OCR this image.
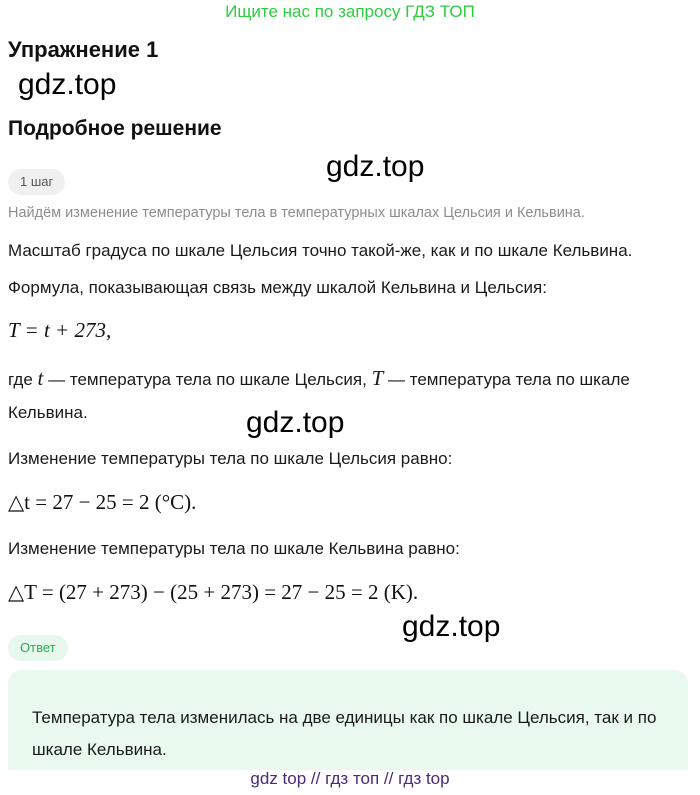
Ищите нас по запросу ГДЗ ТОП
Упражнение 1
gdz.top
Подробное решение
gdz.top
1 шаг
Найдём изменение температуры тела в температурных шкалах Цельсия и Кельвина.
Масштаб градуса по шкале Цельсия точно такой-же, как и по шкале Кельвина.
Формула, показывающая связь между шкалой Кельвина и Цельсия:
T = t + 273,
где t — температура тела по шкале Цельсия, T — температура тела по шкале
Кельвина.	gdz.top
Изменение температуры тела по шкале Цельсия равно:
△t = 27 − 25 = 2 (°C).
Изменение температуры тела по шкале Кельвина равно:
△T = (27 + 273) − (25 + 273) = 27 − 25 = 2 (K).
gdz.top
Ответ
Температура тела изменилась на две единицы как по шкале Цельсия, так и по шкале Кельвина.
gdz top // гдз топ // гдз top
